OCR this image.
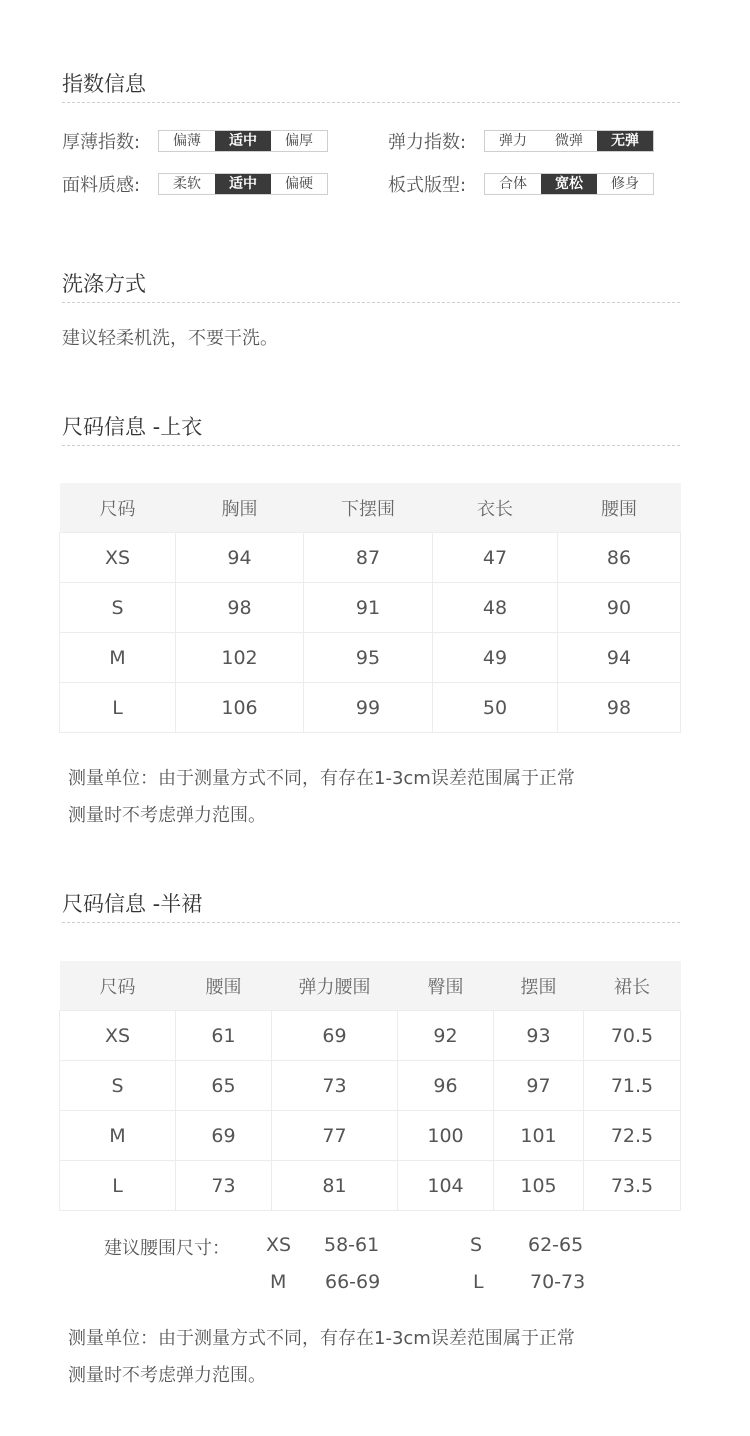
指数信息
厚薄指数:	偏薄	适中	偏厚	弹力指数:	弹力	微弹	无弹
面料质感:	柔软	适中	偏硬	板式版型:	合体	宽松	修身
洗涤方式
建议轻柔机洗，不要干洗。
尺码信息 -上衣
尺码	胸围	下摆围	衣长	腰围
XS	94	87	47	86
S	98	91	48	90
M	102	95	49	94
L	106	99	50	98
测量单位：由于测量方式不同，有存在1-3cm误差范围属于正常
测量时不考虑弹力范围。
尺码信息 -半裙
尺码	腰围	弹力腰围	臀围	摆围	裙长
XS	61	69	92	93	70.5
S	65	73	96	97	71.5
M	69	77	100	101	72.5
L	73	81	104	105	73.5
建议腰围尺寸： XS 58-61	S 62-65
M 66-69	L 70-73
测量单位：由于测量方式不同，有存在1-3cm误差范围属于正常
测量时不考虑弹力范围。
